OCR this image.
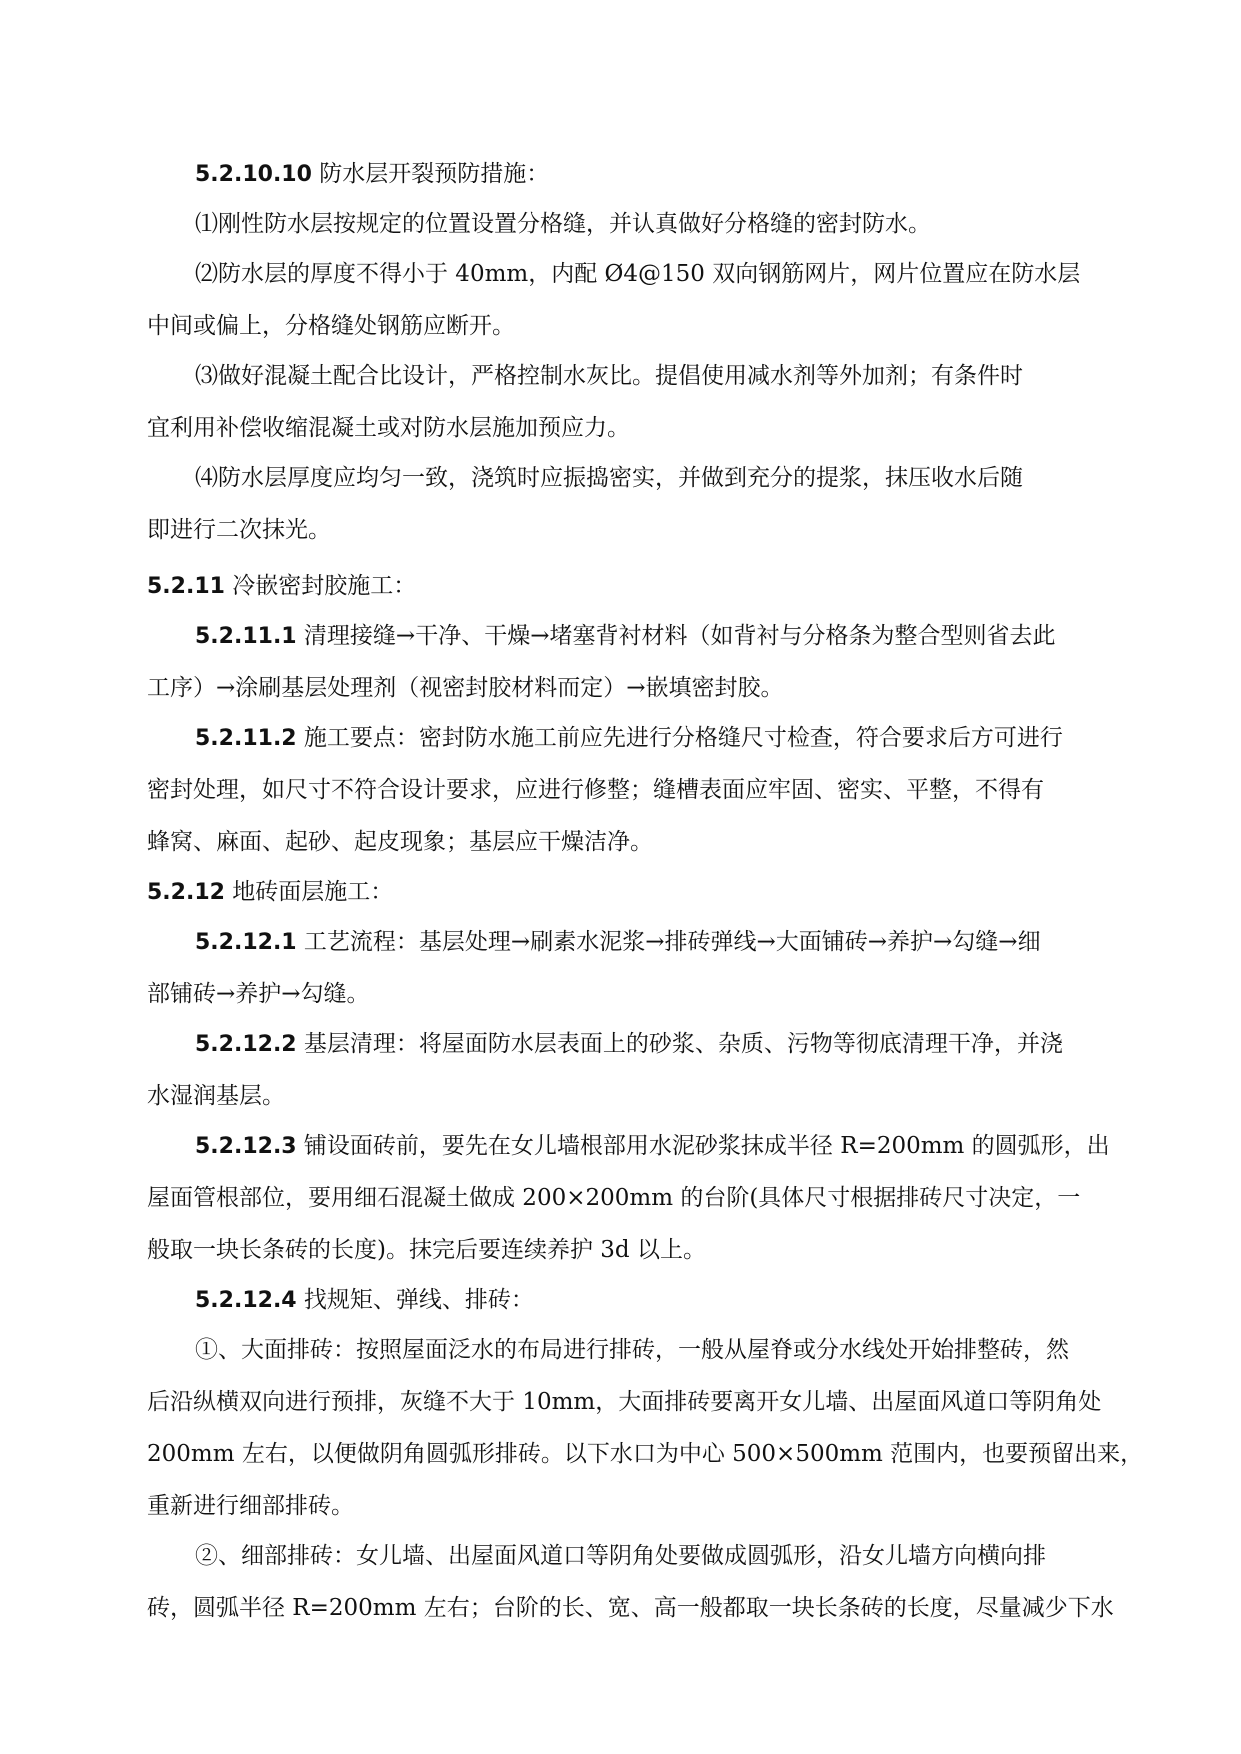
5.2.10.10 防水层开裂预防措施：
⑴刚性防水层按规定的位置设置分格缝，并认真做好分格缝的密封防水。
⑵防水层的厚度不得小于 40mm，内配 Ø4@150 双向钢筋网片，网片位置应在防水层
中间或偏上，分格缝处钢筋应断开。
⑶做好混凝土配合比设计，严格控制水灰比。提倡使用减水剂等外加剂；有条件时
宜利用补偿收缩混凝土或对防水层施加预应力。
⑷防水层厚度应均匀一致，浇筑时应振捣密实，并做到充分的提浆，抹压收水后随
即进行二次抹光。
5.2.11 冷嵌密封胶施工：
5.2.11.1 清理接缝→干净、干燥→堵塞背衬材料（如背衬与分格条为整合型则省去此
工序）→涂刷基层处理剂（视密封胶材料而定）→嵌填密封胶。
5.2.11.2 施工要点：密封防水施工前应先进行分格缝尺寸检查，符合要求后方可进行
密封处理，如尺寸不符合设计要求，应进行修整；缝槽表面应牢固、密实、平整，不得有
蜂窝、麻面、起砂、起皮现象；基层应干燥洁净。
5.2.12 地砖面层施工：
5.2.12.1 工艺流程：基层处理→刷素水泥浆→排砖弹线→大面铺砖→养护→勾缝→细
部铺砖→养护→勾缝。
5.2.12.2 基层清理：将屋面防水层表面上的砂浆、杂质、污物等彻底清理干净，并浇
水湿润基层。
5.2.12.3 铺设面砖前，要先在女儿墙根部用水泥砂浆抹成半径 R=200mm 的圆弧形，出
屋面管根部位，要用细石混凝土做成 200×200mm 的台阶(具体尺寸根据排砖尺寸决定，一
般取一块长条砖的长度)。抹完后要连续养护 3d 以上。
5.2.12.4 找规矩、弹线、排砖：
①、大面排砖：按照屋面泛水的布局进行排砖，一般从屋脊或分水线处开始排整砖，然
后沿纵横双向进行预排，灰缝不大于 10mm，大面排砖要离开女儿墙、出屋面风道口等阴角处
200mm 左右，以便做阴角圆弧形排砖。以下水口为中心 500×500mm 范围内，也要预留出来，
重新进行细部排砖。
②、细部排砖：女儿墙、出屋面风道口等阴角处要做成圆弧形，沿女儿墙方向横向排
砖，圆弧半径 R=200mm 左右；台阶的长、宽、高一般都取一块长条砖的长度，尽量减少下水
